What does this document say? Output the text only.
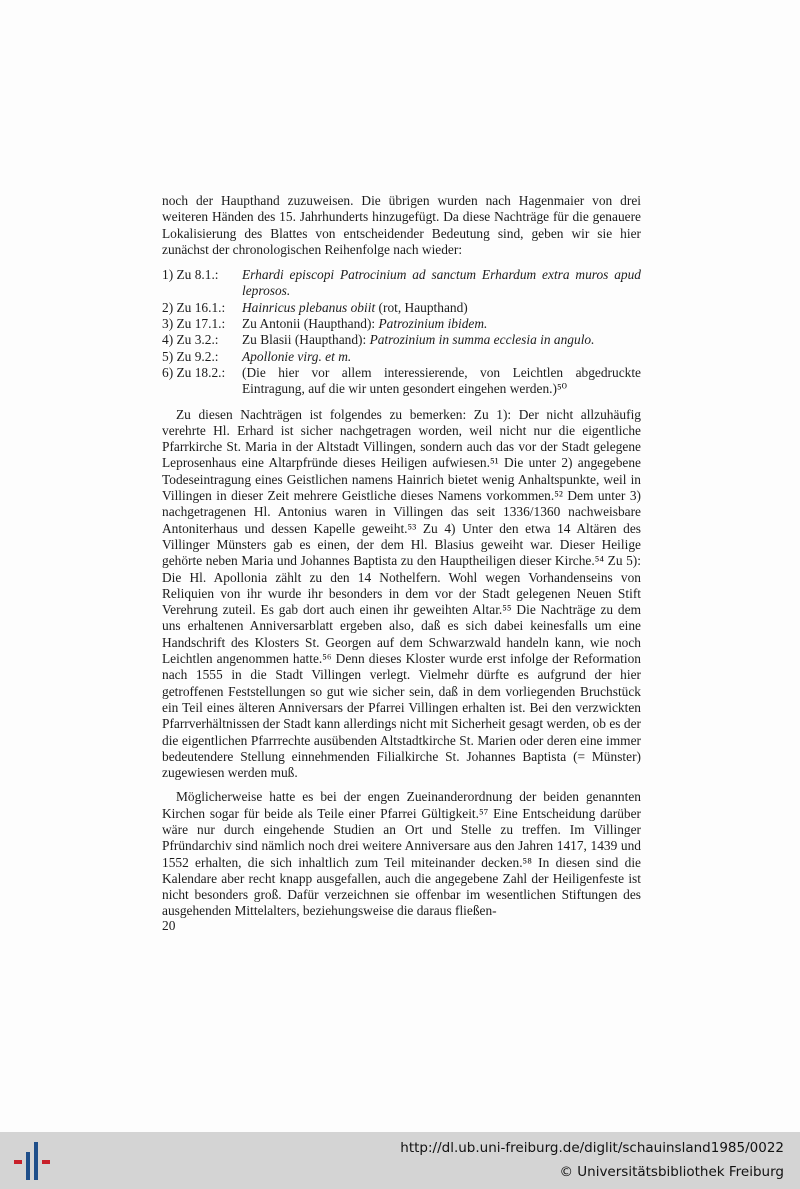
noch der Haupthand zuzuweisen. Die übrigen wurden nach Hagenmaier von drei weiteren Händen des 15. Jahrhunderts hinzugefügt. Da diese Nachträge für die genauere Lokalisierung des Blattes von entscheidender Bedeutung sind, geben wir sie hier zunächst der chronologischen Reihenfolge nach wieder:

1) Zu 8.1.: Erhardi episcopi Patrocinium ad sanctum Erhardum extra muros apud leprosos.
2) Zu 16.1.: Hainricus plebanus obiit (rot, Haupthand)
3) Zu 17.1.: Zu Antonii (Haupthand): Patrozinium ibidem.
4) Zu 3.2.: Zu Blasii (Haupthand): Patrozinium in summa ecclesia in angulo.
5) Zu 9.2.: Apollonie virg. et m.
6) Zu 18.2.: (Die hier vor allem interessierende, von Leichtlen abgedruckte Eintragung, auf die wir unten gesondert eingehen werden.)⁵⁰

Zu diesen Nachträgen ist folgendes zu bemerken: Zu 1): Der nicht allzuhäufig verehrte Hl. Erhard ist sicher nachgetragen worden, weil nicht nur die eigentliche Pfarrkirche St. Maria in der Altstadt Villingen, sondern auch das vor der Stadt gelegene Leprosenhaus eine Altarpfründe dieses Heiligen aufwiesen.⁵¹ Die unter 2) angegebene Todeseintragung eines Geistlichen namens Hainrich bietet wenig Anhaltspunkte, weil in Villingen in dieser Zeit mehrere Geistliche dieses Namens vorkommen.⁵² Dem unter 3) nachgetragenen Hl. Antonius waren in Villingen das seit 1336/1360 nachweisbare Antoniterhaus und dessen Kapelle geweiht.⁵³ Zu 4) Unter den etwa 14 Altären des Villinger Münsters gab es einen, der dem Hl. Blasius geweiht war. Dieser Heilige gehörte neben Maria und Johannes Baptista zu den Hauptheiligen dieser Kirche.⁵⁴ Zu 5): Die Hl. Apollonia zählt zu den 14 Nothelfern. Wohl wegen Vorhandenseins von Reliquien von ihr wurde ihr besonders in dem vor der Stadt gelegenen Neuen Stift Verehrung zuteil. Es gab dort auch einen ihr geweihten Altar.⁵⁵ Die Nachträge zu dem uns erhaltenen Anniversarblatt ergeben also, daß es sich dabei keinesfalls um eine Handschrift des Klosters St. Georgen auf dem Schwarzwald handeln kann, wie noch Leichtlen angenommen hatte.⁵⁶ Denn dieses Kloster wurde erst infolge der Reformation nach 1555 in die Stadt Villingen verlegt. Vielmehr dürfte es aufgrund der hier getroffenen Feststellungen so gut wie sicher sein, daß in dem vorliegenden Bruchstück ein Teil eines älteren Anniversars der Pfarrei Villingen erhalten ist. Bei den verzwickten Pfarrverhältnissen der Stadt kann allerdings nicht mit Sicherheit gesagt werden, ob es der die eigentlichen Pfarrrechte ausübenden Altstadtkirche St. Marien oder deren eine immer bedeutendere Stellung einnehmenden Filialkirche St. Johannes Baptista (= Münster) zugewiesen werden muß.

Möglicherweise hatte es bei der engen Zueinanderordnung der beiden genannten Kirchen sogar für beide als Teile einer Pfarrei Gültigkeit.⁵⁷ Eine Entscheidung darüber wäre nur durch eingehende Studien an Ort und Stelle zu treffen. Im Villinger Pfründarchiv sind nämlich noch drei weitere Anniversare aus den Jahren 1417, 1439 und 1552 erhalten, die sich inhaltlich zum Teil miteinander decken.⁵⁸ In diesen sind die Kalendare aber recht knapp ausgefallen, auch die angegebene Zahl der Heiligenfeste ist nicht besonders groß. Dafür verzeichnen sie offenbar im wesentlichen Stiftungen des ausgehenden Mittelalters, beziehungsweise die daraus fließen-

20
http://dl.ub.uni-freiburg.de/diglit/schauinsland1985/0022
© Universitätsbibliothek Freiburg
